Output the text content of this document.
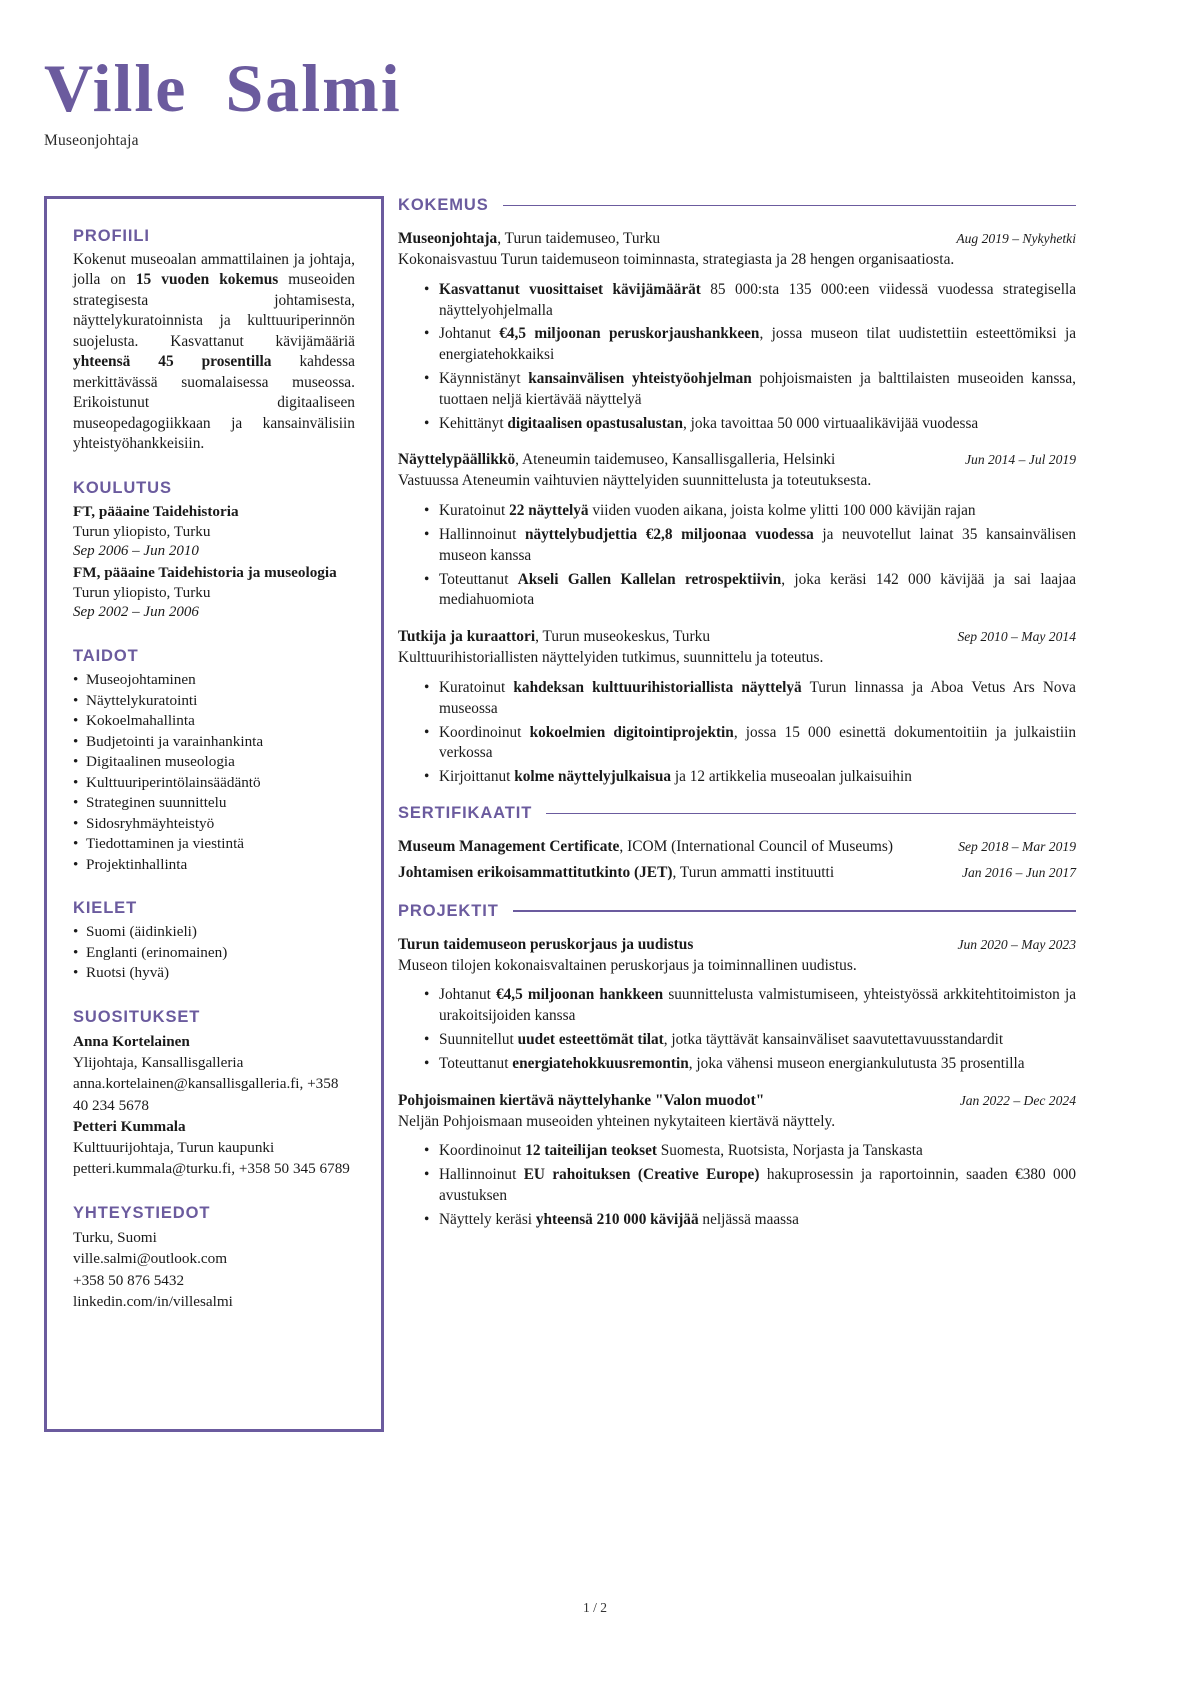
Ville  Salmi
Museonjohtaja
PROFIILI
Kokenut museoalan ammattilainen ja johtaja, jolla on 15 vuoden kokemus museoiden strategisesta johtamisesta, näyttelykuratoinnista ja kulttuuriperinnön suojelusta. Kasvattanut kävijämääriä yhteensä 45 prosentilla kahdessa merkittävässä suomalaisessa museossa. Erikoistunut digitaaliseen museopedagogiikkaan ja kansainvälisiin yhteistyöhankkeisiin.
KOULUTUS
FT, pääaine Taidehistoria
Turun yliopisto, Turku
Sep 2006 – Jun 2010
FM, pääaine Taidehistoria ja museologia
Turun yliopisto, Turku
Sep 2002 – Jun 2006
TAIDOT
• Museojohtaminen
• Näyttelykuratointi
• Kokoelmahallinta
• Budjetointi ja varainhankinta
• Digitaalinen museologia
• Kulttuuriperintölainsäädäntö
• Strateginen suunnittelu
• Sidosryhmäyhteistyö
• Tiedottaminen ja viestintä
• Projektinhallinta
KIELET
• Suomi (äidinkieli)
• Englanti (erinomainen)
• Ruotsi (hyvä)
SUOSITUKSET
Anna Kortelainen
Ylijohtaja, Kansallisgalleria
anna.kortelainen@kansallisgalleria.fi, +358 40 234 5678
Petteri Kummala
Kulttuurijohtaja, Turun kaupunki
petteri.kummala@turku.fi, +358 50 345 6789
YHTEYSTIEDOT
Turku, Suomi
ville.salmi@outlook.com
+358 50 876 5432
linkedin.com/in/villesalmi
KOKEMUS
Museonjohtaja, Turun taidemuseo, Turku	Aug 2019 – Nykyhetki
Kokonaisvastuu Turun taidemuseon toiminnasta, strategiasta ja 28 hengen organisaatiosta.
• Kasvattanut vuosittaiset kävijämäärät 85 000:sta 135 000:een viidessä vuodessa strategisella näyttelyohjelmalla
• Johtanut €4,5 miljoonan peruskorjaushankkeen, jossa museon tilat uudistettiin esteettömiksi ja energiatehokkaiksi
• Käynnistänyt kansainvälisen yhteistyöohjelman pohjoismaisten ja balttilaisten museoiden kanssa, tuottaen neljä kiertävää näyttelyä
• Kehittänyt digitaalisen opastusalustan, joka tavoittaa 50 000 virtuaalikävijää vuodessa
Näyttelypäällikkö, Ateneumin taidemuseo, Kansallisgalleria, Helsinki	Jun 2014 – Jul 2019
Vastuussa Ateneumin vaihtuvien näyttelyiden suunnittelusta ja toteutuksesta.
• Kuratoinut 22 näyttelyä viiden vuoden aikana, joista kolme ylitti 100 000 kävijän rajan
• Hallinnoinut näyttelybudjettia €2,8 miljoonaa vuodessa ja neuvotellut lainat 35 kansainvälisen museon kanssa
• Toteuttanut Akseli Gallen Kallelan retrospektiivin, joka keräsi 142 000 kävijää ja sai laajaa mediahuomiota
Tutkija ja kuraattori, Turun museokeskus, Turku	Sep 2010 – May 2014
Kulttuurihistoriallisten näyttelyiden tutkimus, suunnittelu ja toteutus.
• Kuratoinut kahdeksan kulttuurihistoriallista näyttelyä Turun linnassa ja Aboa Vetus Ars Nova museossa
• Koordinoinut kokoelmien digitointiprojektin, jossa 15 000 esinettä dokumentoitiin ja julkaistiin verkossa
• Kirjoittanut kolme näyttelyjulkaisua ja 12 artikkelia museoalan julkaisuihin
SERTIFIKAATIT
Museum Management Certificate, ICOM (International Council of Museums)	Sep 2018 – Mar 2019
Johtamisen erikoisammattitutkinto (JET), Turun ammatti instituutti	Jan 2016 – Jun 2017
PROJEKTIT
Turun taidemuseon peruskorjaus ja uudistus	Jun 2020 – May 2023
Museon tilojen kokonaisvaltainen peruskorjaus ja toiminnallinen uudistus.
• Johtanut €4,5 miljoonan hankkeen suunnittelusta valmistumiseen, yhteistyössä arkkitehtitoimiston ja urakoitsijoiden kanssa
• Suunnitellut uudet esteettömät tilat, jotka täyttävät kansainväliset saavutettavuusstandardit
• Toteuttanut energiatehokkuusremontin, joka vähensi museon energiankulutusta 35 prosentilla
Pohjoismainen kiertävä näyttelyhanke "Valon muodot"	Jan 2022 – Dec 2024
Neljän Pohjoismaan museoiden yhteinen nykytaiteen kiertävä näyttely.
• Koordinoinut 12 taiteilijan teokset Suomesta, Ruotsista, Norjasta ja Tanskasta
• Hallinnoinut EU rahoituksen (Creative Europe) hakuprosessin ja raportoinnin, saaden €380 000 avustuksen
• Näyttely keräsi yhteensä 210 000 kävijää neljässä maassa
1 / 2
